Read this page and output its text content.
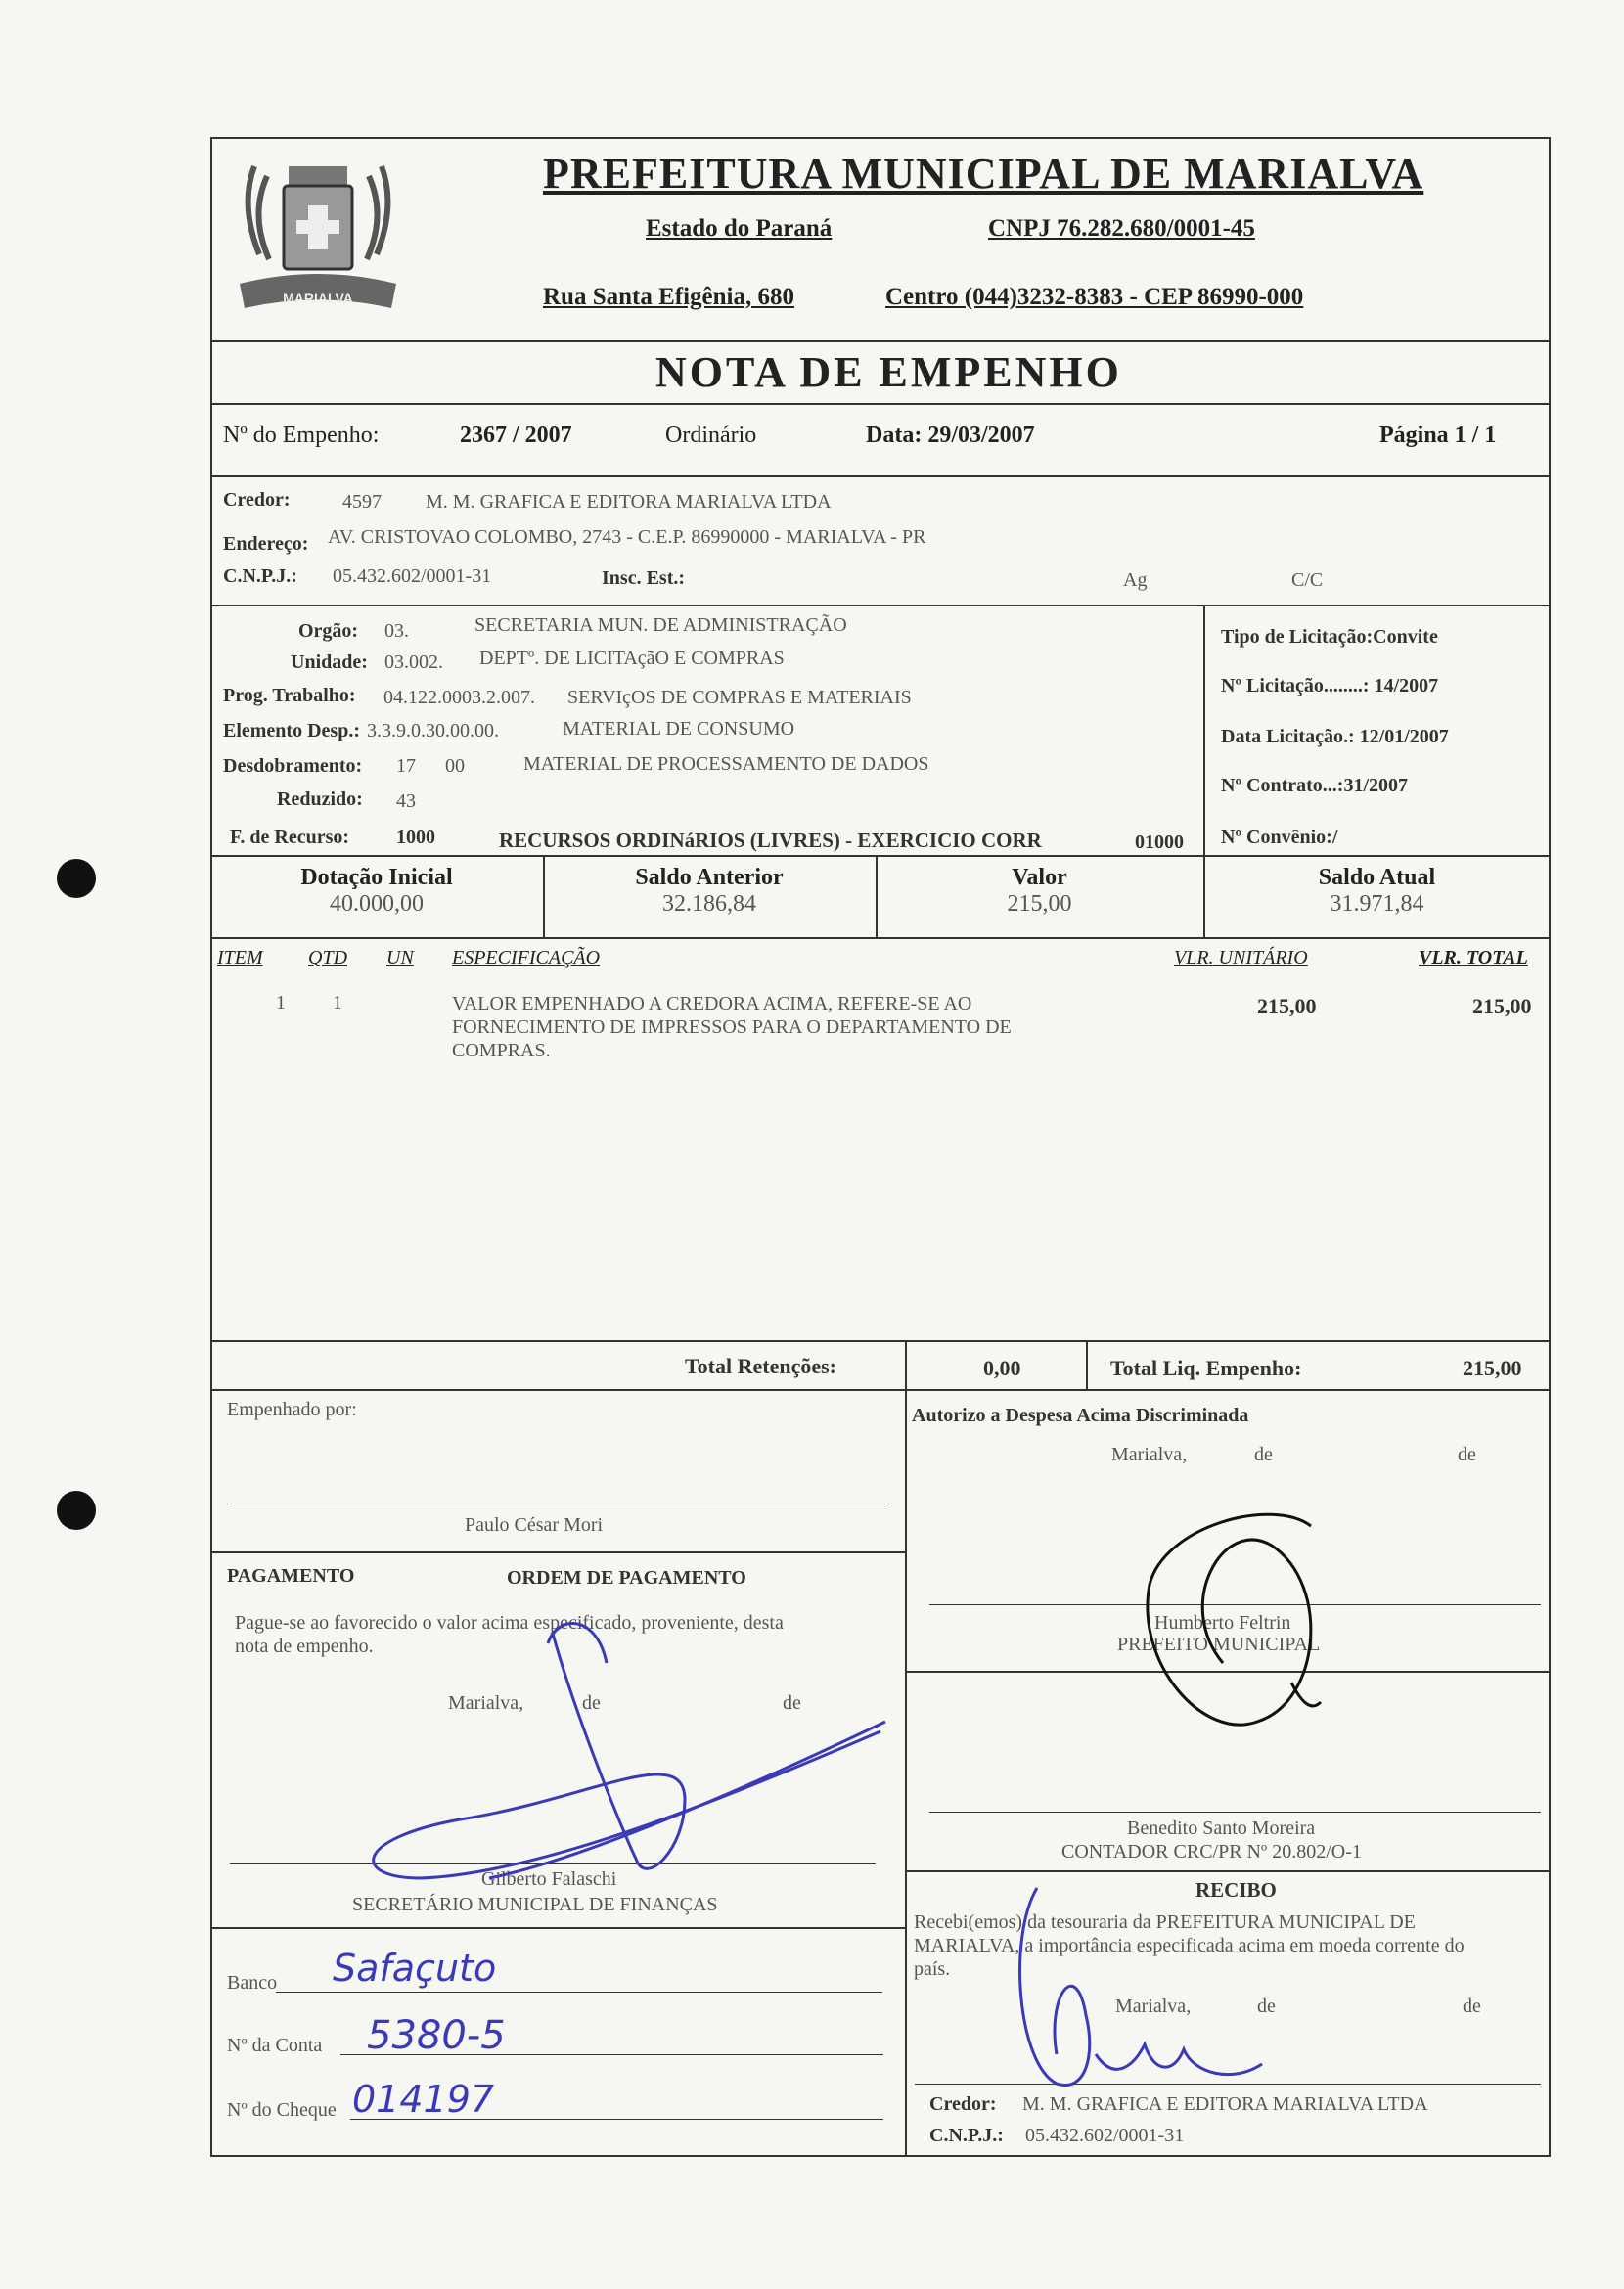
MARIALVA
PREFEITURA MUNICIPAL DE MARIALVA
Estado do Paraná	CNPJ 76.282.680/0001-45
Rua Santa Efigênia, 680	Centro (044)3232-8383 - CEP 86990-000
NOTA DE EMPENHO
Nº do Empenho:	2367 / 2007	Ordinário	Data: 29/03/2007	Página 1 / 1
Credor:	4597 M. M. GRAFICA E EDITORA MARIALVA LTDA
Endereço: AV. CRISTOVAO COLOMBO, 2743 - C.E.P. 86990000 - MARIALVA - PR
C.N.P.J.: 05.432.602/0001-31	Insc. Est.:	Ag	C/C
Orgão: 03.	SECRETARIA MUN. DE ADMINISTRAÇÃO
Unidade: 03.002. DEPTº. DE LICITAçãO E COMPRAS
Prog. Trabalho: 04.122.0003.2.007. SERVIçOS DE COMPRAS E MATERIAIS
Elemento Desp.: 3.3.9.0.30.00.00.	MATERIAL DE CONSUMO
Desdobramento: 17      00	MATERIAL DE PROCESSAMENTO DE DADOS
Reduzido: 43
F. de Recurso: 1000	RECURSOS ORDINáRIOS (LIVRES) - EXERCICIO CORR	01000
Tipo de Licitação:Convite
Nº Licitação........: 14/2007
Data Licitação.: 12/01/2007
Nº Contrato...:31/2007
Nº Convênio:/
Dotação Inicial
40.000,00
Saldo Anterior
32.186,84
Valor
215,00
Saldo Atual
31.971,84
ITEM QTD UN ESPECIFICAÇÃO	VLR. UNITÁRIO	VLR. TOTAL
1 1	VALOR EMPENHADO A CREDORA ACIMA, REFERE-SE AO
FORNECIMENTO DE IMPRESSOS PARA O DEPARTAMENTO DE
COMPRAS.
215,00	215,00
Total Retenções:	0,00	Total Liq. Empenho:	215,00
Empenhado por:
Paulo César Mori
PAGAMENTO	ORDEM DE PAGAMENTO
Pague-se ao favorecido o valor acima especificado, proveniente, desta
nota de empenho.
Marialva,	de	de
Gilberto Falaschi
SECRETÁRIO MUNICIPAL DE FINANÇAS
Banco Safaçuto
Nº da Conta 5380-5
Nº do Cheque 014197
Autorizo a Despesa Acima Discriminada
Marialva,	de	de
Humberto Feltrin
PREFEITO MUNICIPAL
Benedito Santo Moreira
CONTADOR CRC/PR Nº 20.802/O-1
RECIBO
Recebi(emos) da tesouraria da PREFEITURA MUNICIPAL DE
MARIALVA, a importância especificada acima em moeda corrente do
país.
Marialva,	de	de
Credor: M. M. GRAFICA E EDITORA MARIALVA LTDA
C.N.P.J.: 05.432.602/0001-31
